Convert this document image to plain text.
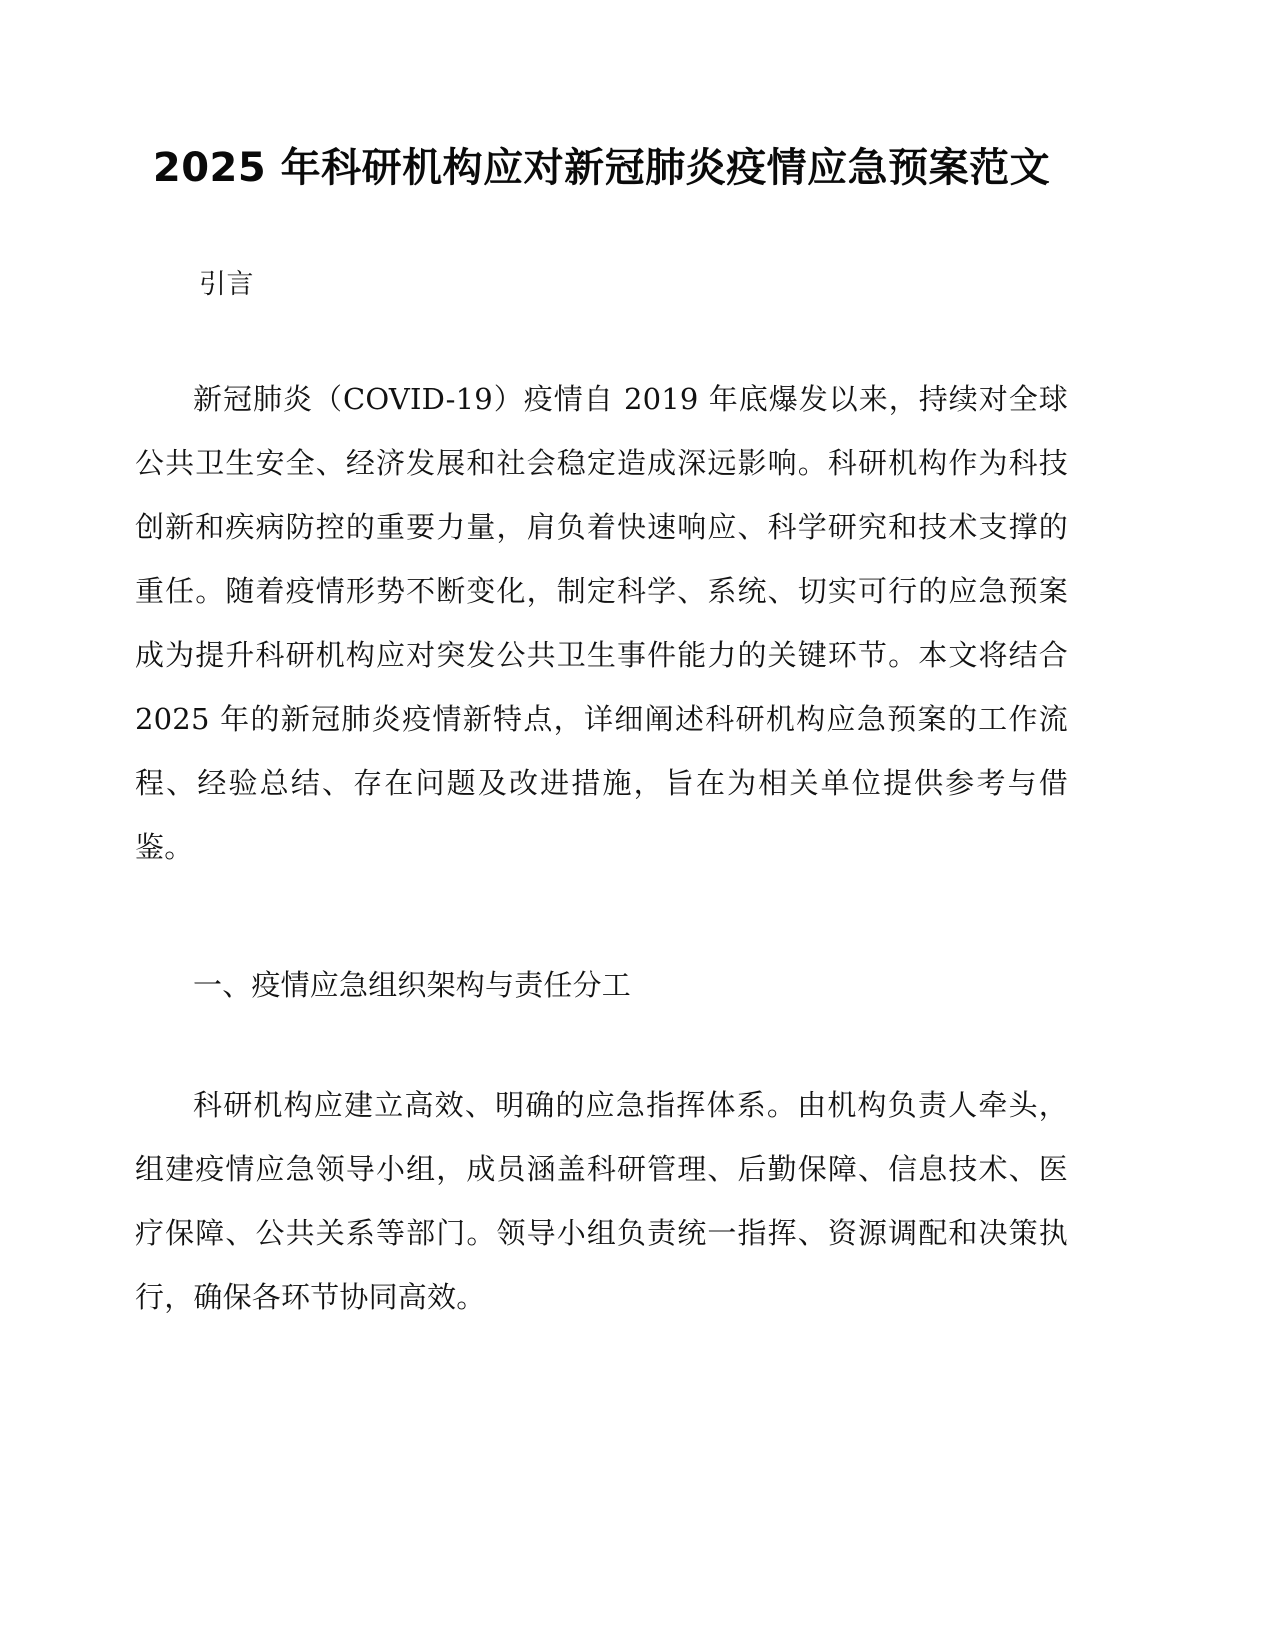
2025 年科研机构应对新冠肺炎疫情应急预案范文
引言

新冠肺炎（COVID-19）疫情自 2019 年底爆发以来，持续对全球公共卫生安全、经济发展和社会稳定造成深远影响。科研机构作为科技创新和疾病防控的重要力量，肩负着快速响应、科学研究和技术支撑的重任。随着疫情形势不断变化，制定科学、系统、切实可行的应急预案成为提升科研机构应对突发公共卫生事件能力的关键环节。本文将结合 2025 年的新冠肺炎疫情新特点，详细阐述科研机构应急预案的工作流程、经验总结、存在问题及改进措施，旨在为相关单位提供参考与借鉴。

一、疫情应急组织架构与责任分工

科研机构应建立高效、明确的应急指挥体系。由机构负责人牵头，组建疫情应急领导小组，成员涵盖科研管理、后勤保障、信息技术、医疗保障、公共关系等部门。领导小组负责统一指挥、资源调配和决策执行，确保各环节协同高效。
